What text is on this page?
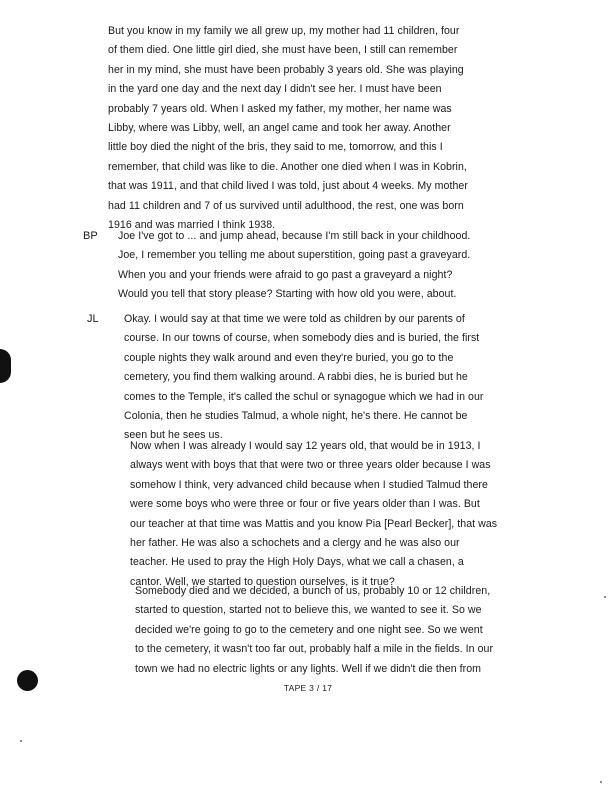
But you know in my family we all grew up, my mother had 11 children, four
of them died. One little girl died, she must have been, I still can remember
her in my mind, she must have been probably 3 years old. She was playing
in the yard one day and the next day I didn't see her. I must have been
probably 7 years old. When I asked my father, my mother, her name was
Libby, where was Libby, well, an angel came and took her away. Another
little boy died the night of the bris, they said to me, tomorrow, and this I
remember, that child was like to die. Another one died when I was in Kobrin,
that was 1911, and that child lived I was told, just about 4 weeks. My mother
had 11 children and 7 of us survived until adulthood, the rest, one was born
1916 and was married I think 1938.

BP Joe I've got to ... and jump ahead, because I'm still back in your childhood.
Joe, I remember you telling me about superstition, going past a graveyard.
When you and your friends were afraid to go past a graveyard a night?
Would you tell that story please? Starting with how old you were, about.

JL Okay. I would say at that time we were told as children by our parents of
course. In our towns of course, when somebody dies and is buried, the first
couple nights they walk around and even they're buried, you go to the
cemetery, you find them walking around. A rabbi dies, he is buried but he
comes to the Temple, it's called the schul or synagogue which we had in our
Colonia, then he studies Talmud, a whole night, he's there. He cannot be
seen but he sees us.

Now when I was already I would say 12 years old, that would be in 1913, I
always went with boys that that were two or three years older because I was
somehow I think, very advanced child because when I studied Talmud there
were some boys who were three or four or five years older than I was. But
our teacher at that time was Mattis and you know Pia [Pearl Becker], that was
her father. He was also a schochets and a clergy and he was also our
teacher. He used to pray the High Holy Days, what we call a chasen, a
cantor. Well, we started to question ourselves, is it true?

Somebody died and we decided, a bunch of us, probably 10 or 12 children,
started to question, started not to believe this, we wanted to see it. So we
decided we're going to go to the cemetery and one night see. So we went
to the cemetery, it wasn't too far out, probably half a mile in the fields. In our
town we had no electric lights or any lights. Well if we didn't die then from

TAPE 3 / 17
